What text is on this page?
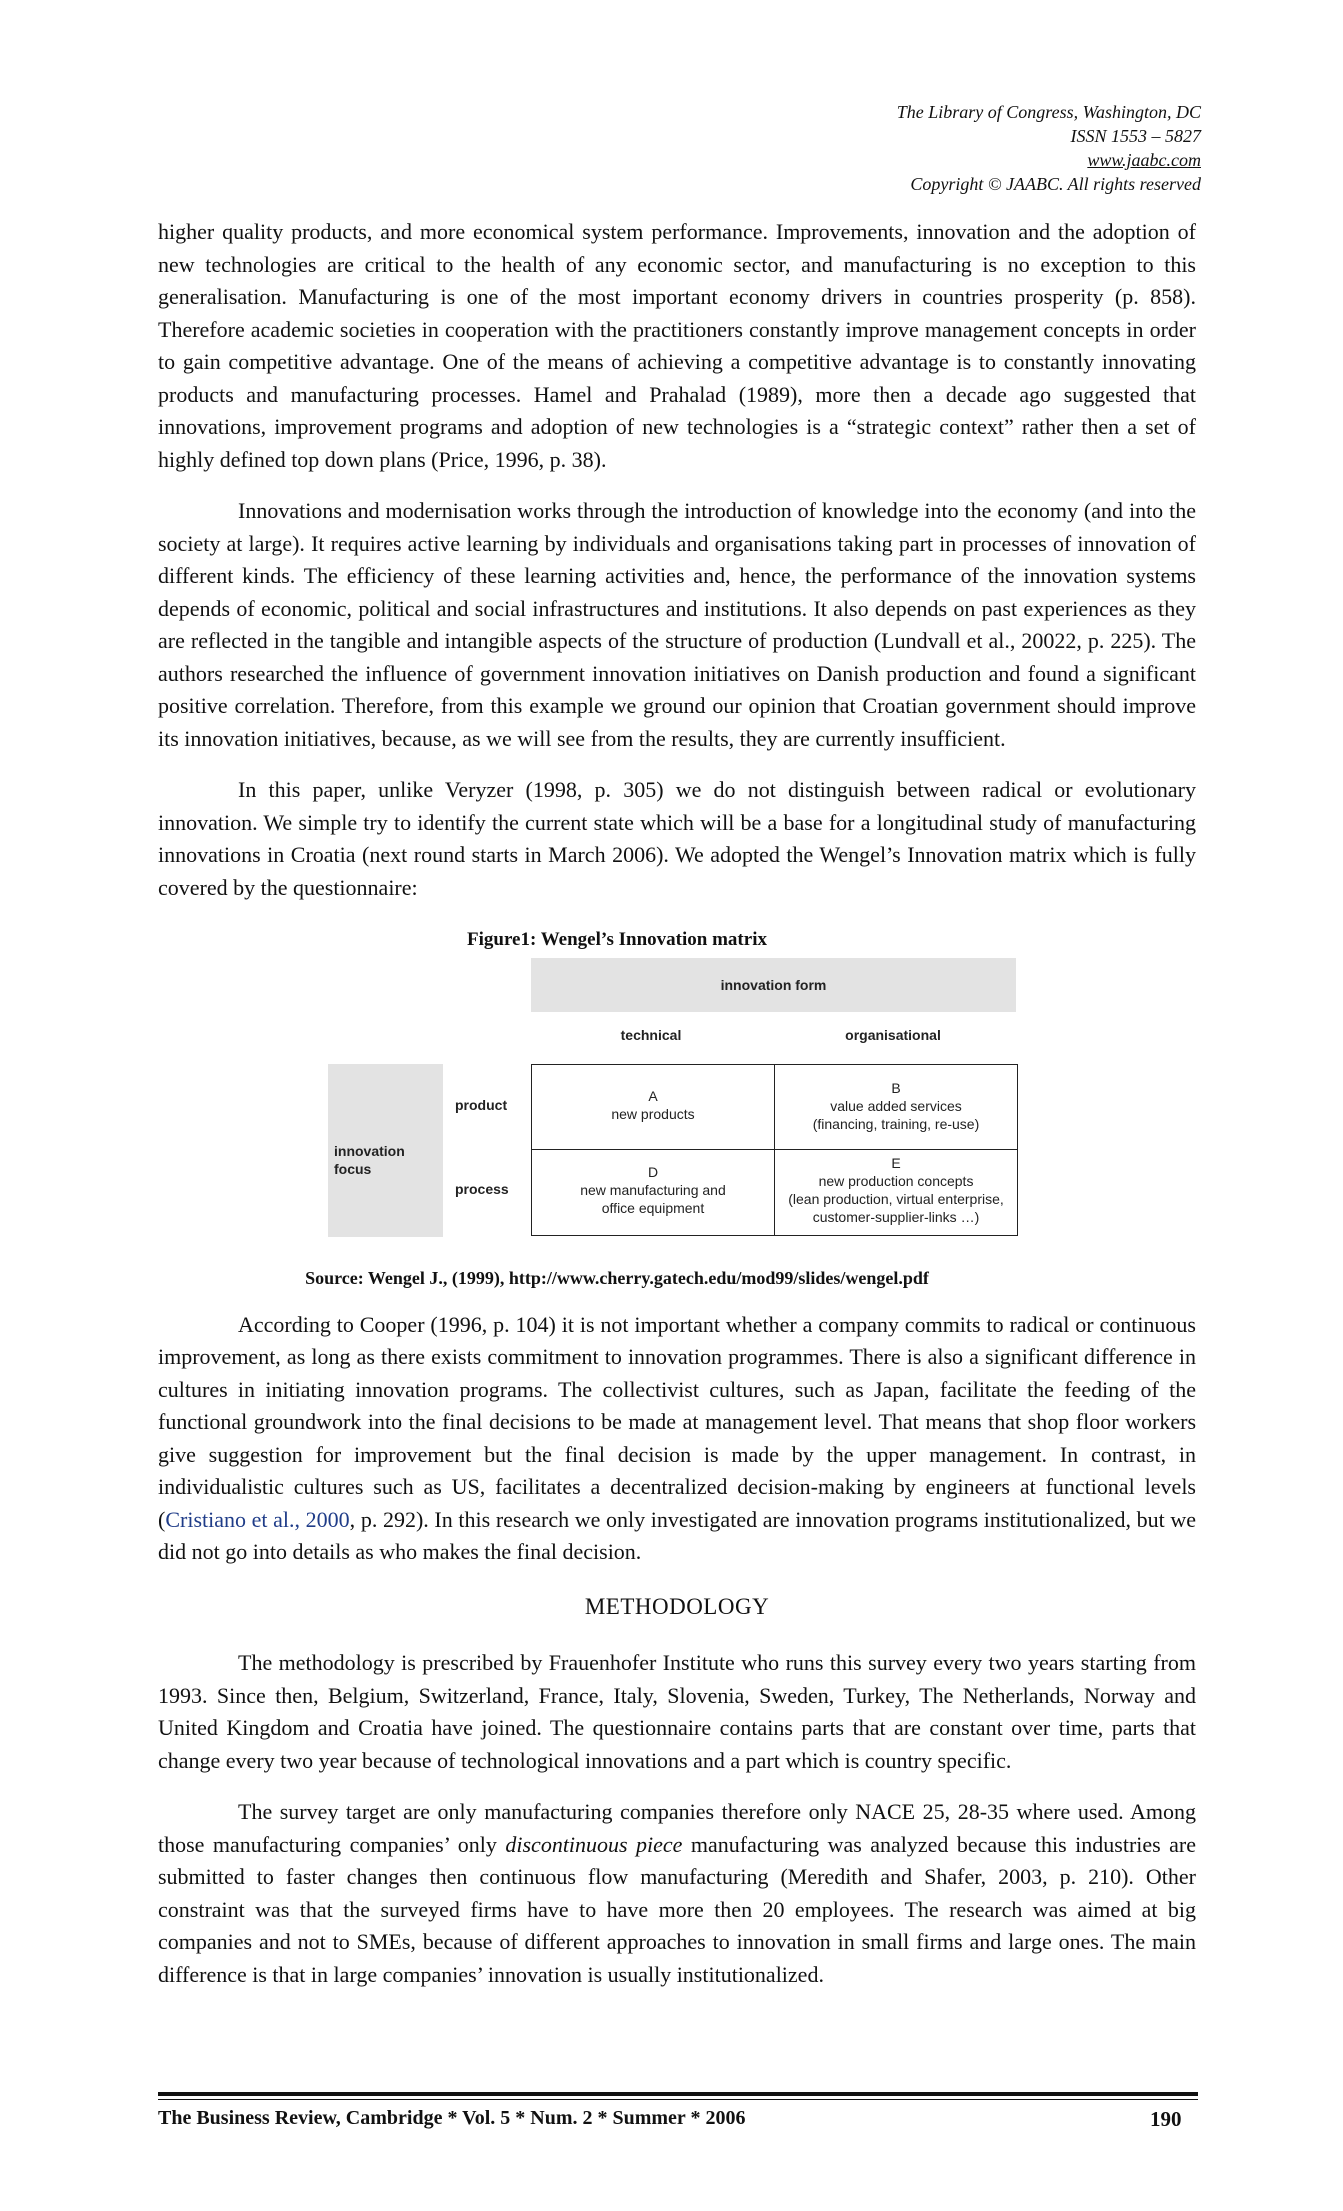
The Library of Congress, Washington, DC
ISSN 1553 – 5827
www.jaabc.com
Copyright © JAABC. All rights reserved

higher quality products, and more economical system performance. Improvements, innovation and the adoption of new technologies are critical to the health of any economic sector, and manufacturing is no exception to this generalisation. Manufacturing is one of the most important economy drivers in countries prosperity (p. 858). Therefore academic societies in cooperation with the practitioners constantly improve management concepts in order to gain competitive advantage. One of the means of achieving a competitive advantage is to constantly innovating products and manufacturing processes. Hamel and Prahalad (1989), more then a decade ago suggested that innovations, improvement programs and adoption of new technologies is a “strategic context” rather then a set of highly defined top down plans (Price, 1996, p. 38).

Innovations and modernisation works through the introduction of knowledge into the economy (and into the society at large). It requires active learning by individuals and organisations taking part in processes of innovation of different kinds. The efficiency of these learning activities and, hence, the performance of the innovation systems depends of economic, political and social infrastructures and institutions. It also depends on past experiences as they are reflected in the tangible and intangible aspects of the structure of production (Lundvall et al., 20022, p. 225). The authors researched the influence of government innovation initiatives on Danish production and found a significant positive correlation. Therefore, from this example we ground our opinion that Croatian government should improve its innovation initiatives, because, as we will see from the results, they are currently insufficient.

In this paper, unlike Veryzer (1998, p. 305) we do not distinguish between radical or evolutionary innovation. We simple try to identify the current state which will be a base for a longitudinal study of manufacturing innovations in Croatia (next round starts in March 2006). We adopted the Wengel’s Innovation matrix which is fully covered by the questionnaire:

Figure1: Wengel’s Innovation matrix
innovation form
technical	organisational
innovation
focus
product
process
A
new products
B
value added services
(financing, training, re-use)
D
new manufacturing and
office equipment
E
new production concepts
(lean production, virtual enterprise,
customer-supplier-links …)
Source: Wengel J., (1999), http://www.cherry.gatech.edu/mod99/slides/wengel.pdf

According to Cooper (1996, p. 104) it is not important whether a company commits to radical or continuous improvement, as long as there exists commitment to innovation programmes. There is also a significant difference in cultures in initiating innovation programs. The collectivist cultures, such as Japan, facilitate the feeding of the functional groundwork into the final decisions to be made at management level. That means that shop floor workers give suggestion for improvement but the final decision is made by the upper management. In contrast, in individualistic cultures such as US, facilitates a decentralized decision-making by engineers at functional levels (Cristiano et al., 2000, p. 292). In this research we only investigated are innovation programs institutionalized, but we did not go into details as who makes the final decision.

METHODOLOGY

The methodology is prescribed by Frauenhofer Institute who runs this survey every two years starting from 1993. Since then, Belgium, Switzerland, France, Italy, Slovenia, Sweden, Turkey, The Netherlands, Norway and United Kingdom and Croatia have joined. The questionnaire contains parts that are constant over time, parts that change every two year because of technological innovations and a part which is country specific.

The survey target are only manufacturing companies therefore only NACE 25, 28-35 where used. Among those manufacturing companies’ only discontinuous piece manufacturing was analyzed because this industries are submitted to faster changes then continuous flow manufacturing (Meredith and Shafer, 2003, p. 210). Other constraint was that the surveyed firms have to have more then 20 employees. The research was aimed at big companies and not to SMEs, because of different approaches to innovation in small firms and large ones. The main difference is that in large companies’ innovation is usually institutionalized.

The Business Review, Cambridge * Vol. 5 * Num. 2 * Summer * 2006	190
